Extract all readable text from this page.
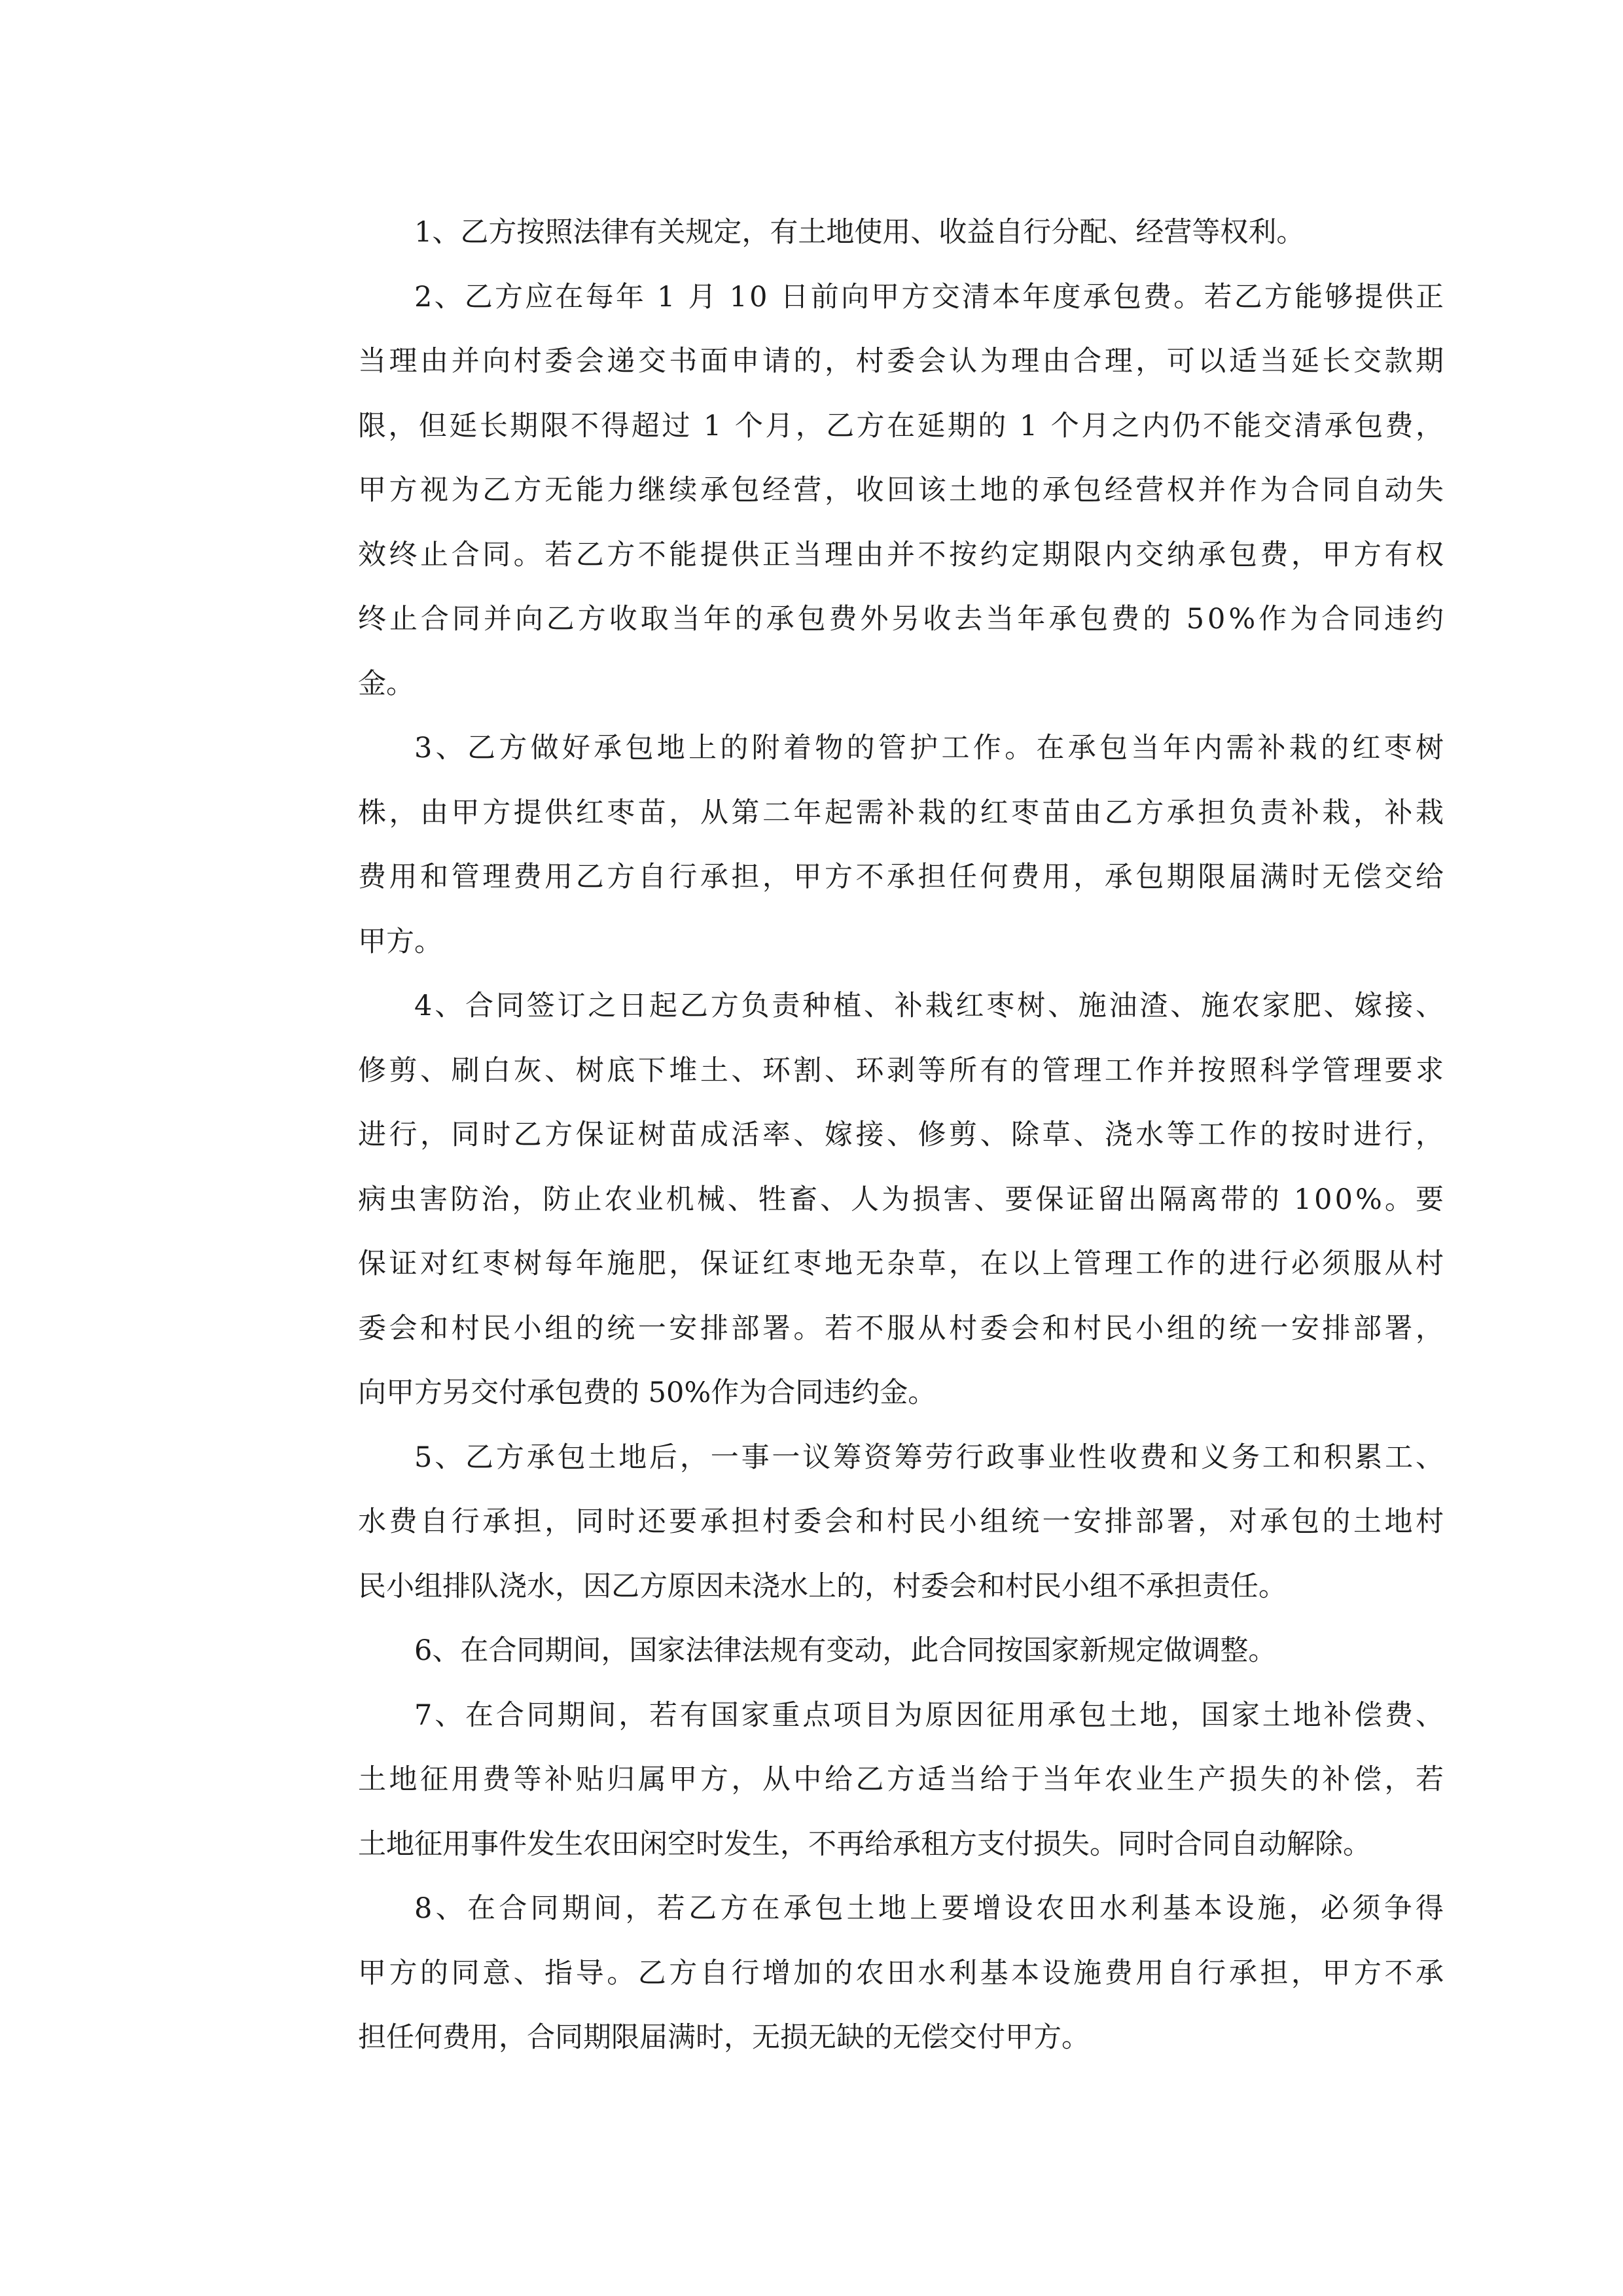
1、乙方按照法律有关规定，有土地使用、收益自行分配、经营等权利。
2、乙方应在每年 1 月 10 日前向甲方交清本年度承包费。若乙方能够提供正
当理由并向村委会递交书面申请的，村委会认为理由合理，可以适当延长交款期
限，但延长期限不得超过 1 个月，乙方在延期的 1 个月之内仍不能交清承包费，
甲方视为乙方无能力继续承包经营，收回该土地的承包经营权并作为合同自动失
效终止合同。若乙方不能提供正当理由并不按约定期限内交纳承包费，甲方有权
终止合同并向乙方收取当年的承包费外另收去当年承包费的 50%作为合同违约
金。
3、乙方做好承包地上的附着物的管护工作。在承包当年内需补栽的红枣树
株，由甲方提供红枣苗，从第二年起需补栽的红枣苗由乙方承担负责补栽，补栽
费用和管理费用乙方自行承担，甲方不承担任何费用，承包期限届满时无偿交给
甲方。
4、合同签订之日起乙方负责种植、补栽红枣树、施油渣、施农家肥、嫁接、
修剪、刷白灰、树底下堆土、环割、环剥等所有的管理工作并按照科学管理要求
进行，同时乙方保证树苗成活率、嫁接、修剪、除草、浇水等工作的按时进行，
病虫害防治，防止农业机械、牲畜、人为损害、要保证留出隔离带的 100%。要
保证对红枣树每年施肥，保证红枣地无杂草，在以上管理工作的进行必须服从村
委会和村民小组的统一安排部署。若不服从村委会和村民小组的统一安排部署，
向甲方另交付承包费的 50%作为合同违约金。
5、乙方承包土地后，一事一议筹资筹劳行政事业性收费和义务工和积累工、
水费自行承担，同时还要承担村委会和村民小组统一安排部署，对承包的土地村
民小组排队浇水，因乙方原因未浇水上的，村委会和村民小组不承担责任。
6、在合同期间，国家法律法规有变动，此合同按国家新规定做调整。
7、在合同期间，若有国家重点项目为原因征用承包土地，国家土地补偿费、
土地征用费等补贴归属甲方，从中给乙方适当给于当年农业生产损失的补偿，若
土地征用事件发生农田闲空时发生，不再给承租方支付损失。同时合同自动解除。
8、在合同期间，若乙方在承包土地上要增设农田水利基本设施，必须争得
甲方的同意、指导。乙方自行增加的农田水利基本设施费用自行承担，甲方不承
担任何费用，合同期限届满时，无损无缺的无偿交付甲方。
